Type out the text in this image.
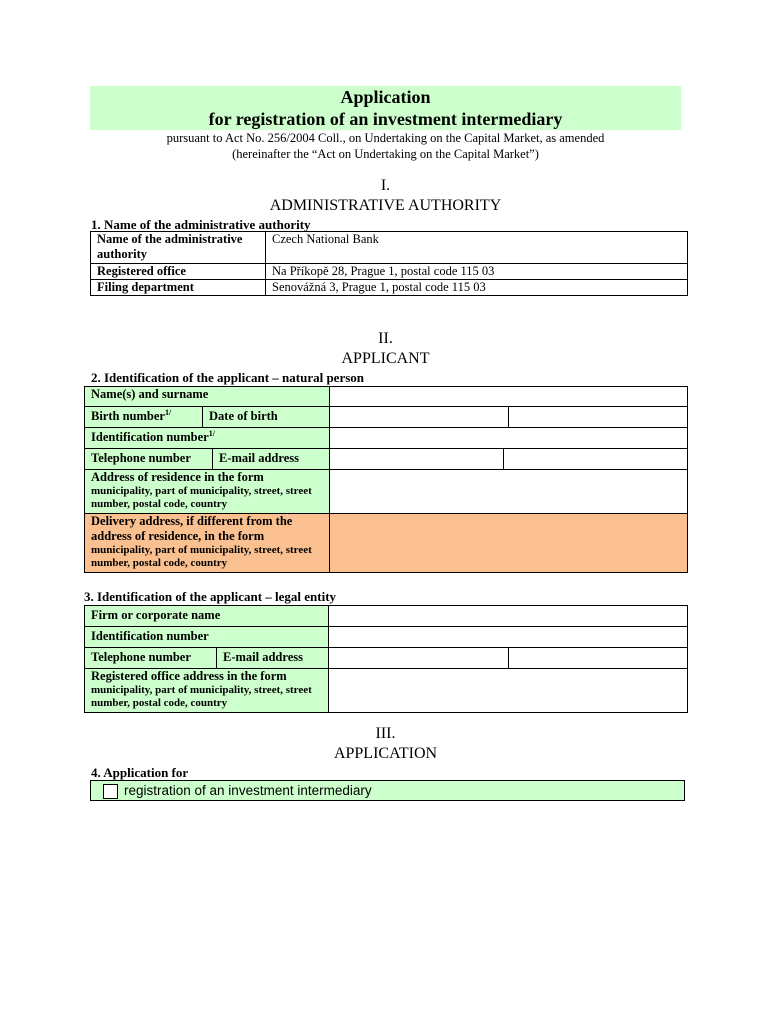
Application
for registration of an investment intermediary
pursuant to Act No. 256/2004 Coll., on Undertaking on the Capital Market, as amended
(hereinafter the “Act on Undertaking on the Capital Market”)
I.
ADMINISTRATIVE AUTHORITY
1. Name of the administrative authority
Name of the administrative authority	Czech National Bank
Registered office	Na Příkopě 28, Prague 1, postal code 115 03
Filing department	Senovážná 3, Prague 1, postal code 115 03
II.
APPLICANT
2. Identification of the applicant – natural person
Name(s) and surname					
Birth number$^{1/}$	Date of birth				
Identification number$^{1/}$	
Telephone number		E-mail address			
Address of residence in the form
municipality, part of municipality, street, street number, postal code, country					

Delivery address, if different from the address of residence, in the form
municipality, part of municipality, street, street number, postal code, country					

3. Identification of the applicant – legal entity
Firm or corporate name			
Identification number			
Telephone number	E-mail address		
Registered office address in the form
municipality, part of municipality, street, street number, postal code, country			

III.
APPLICATION
4. Application for
registration of an investment intermediary
